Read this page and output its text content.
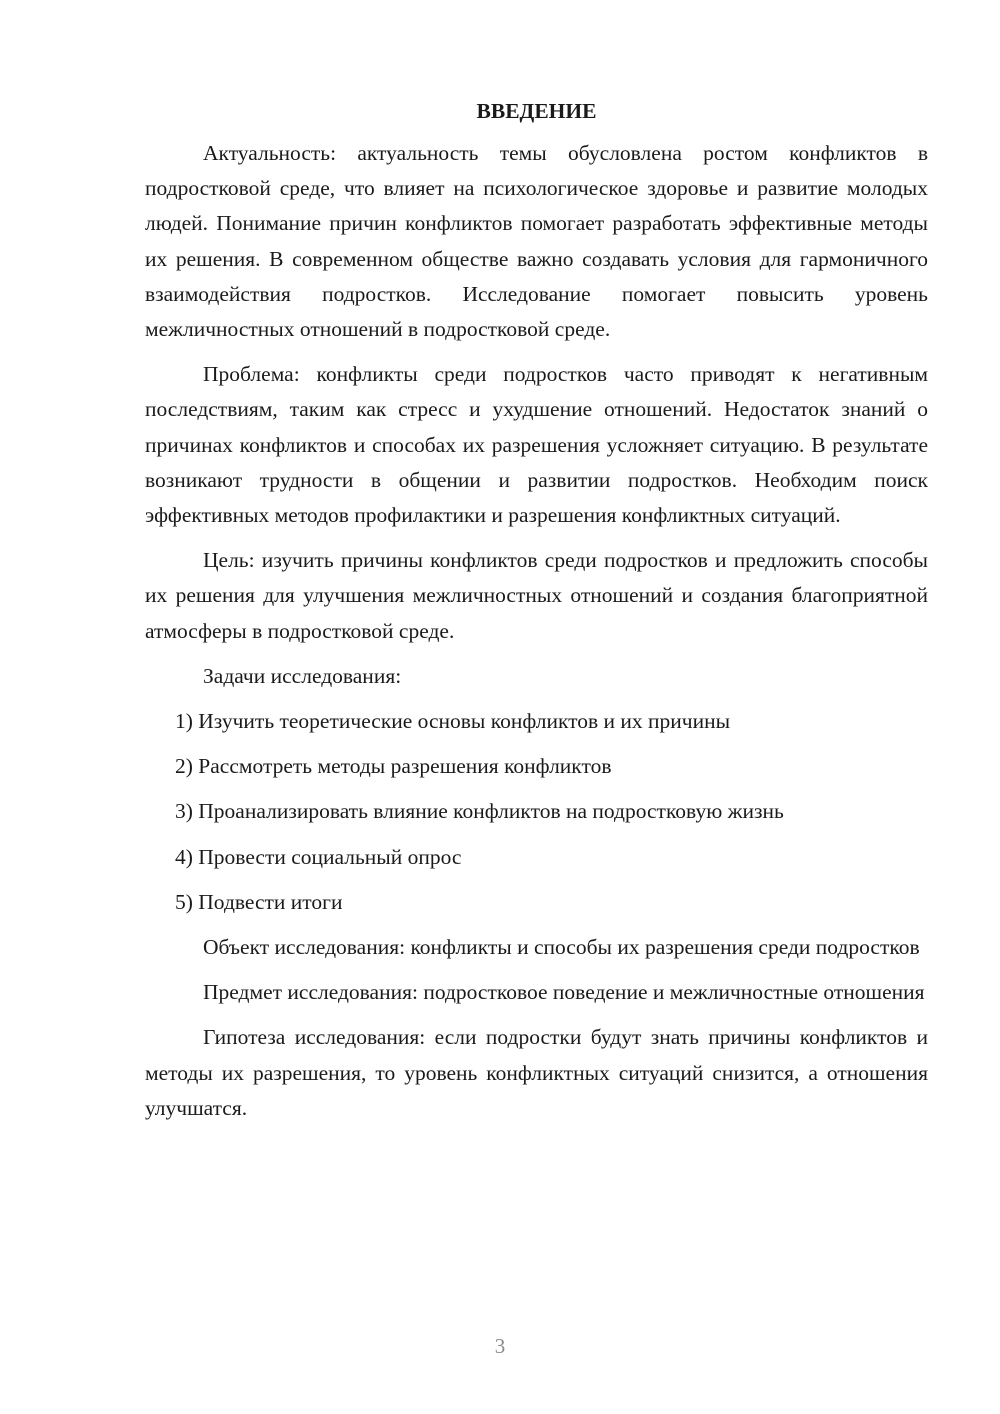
ВВЕДЕНИЕ

Актуальность: актуальность темы обусловлена ростом конфликтов в подростковой среде, что влияет на психологическое здоровье и развитие молодых людей. Понимание причин конфликтов помогает разработать эффективные методы их решения. В современном обществе важно создавать условия для гармоничного взаимодействия подростков. Исследование помогает повысить уровень межличностных отношений в подростковой среде.

Проблема: конфликты среди подростков часто приводят к негативным последствиям, таким как стресс и ухудшение отношений. Недостаток знаний о причинах конфликтов и способах их разрешения усложняет ситуацию. В результате возникают трудности в общении и развитии подростков. Необходим поиск эффективных методов профилактики и разрешения конфликтных ситуаций.

Цель: изучить причины конфликтов среди подростков и предложить способы их решения для улучшения межличностных отношений и создания благоприятной атмосферы в подростковой среде.

Задачи исследования:

1) Изучить теоретические основы конфликтов и их причины
2) Рассмотреть методы разрешения конфликтов
3) Проанализировать влияние конфликтов на подростковую жизнь
4) Провести социальный опрос
5) Подвести итоги

Объект исследования: конфликты и способы их разрешения среди подростков

Предмет исследования: подростковое поведение и межличностные отношения

Гипотеза исследования: если подростки будут знать причины конфликтов и методы их разрешения, то уровень конфликтных ситуаций снизится, а отношения улучшатся.

3
